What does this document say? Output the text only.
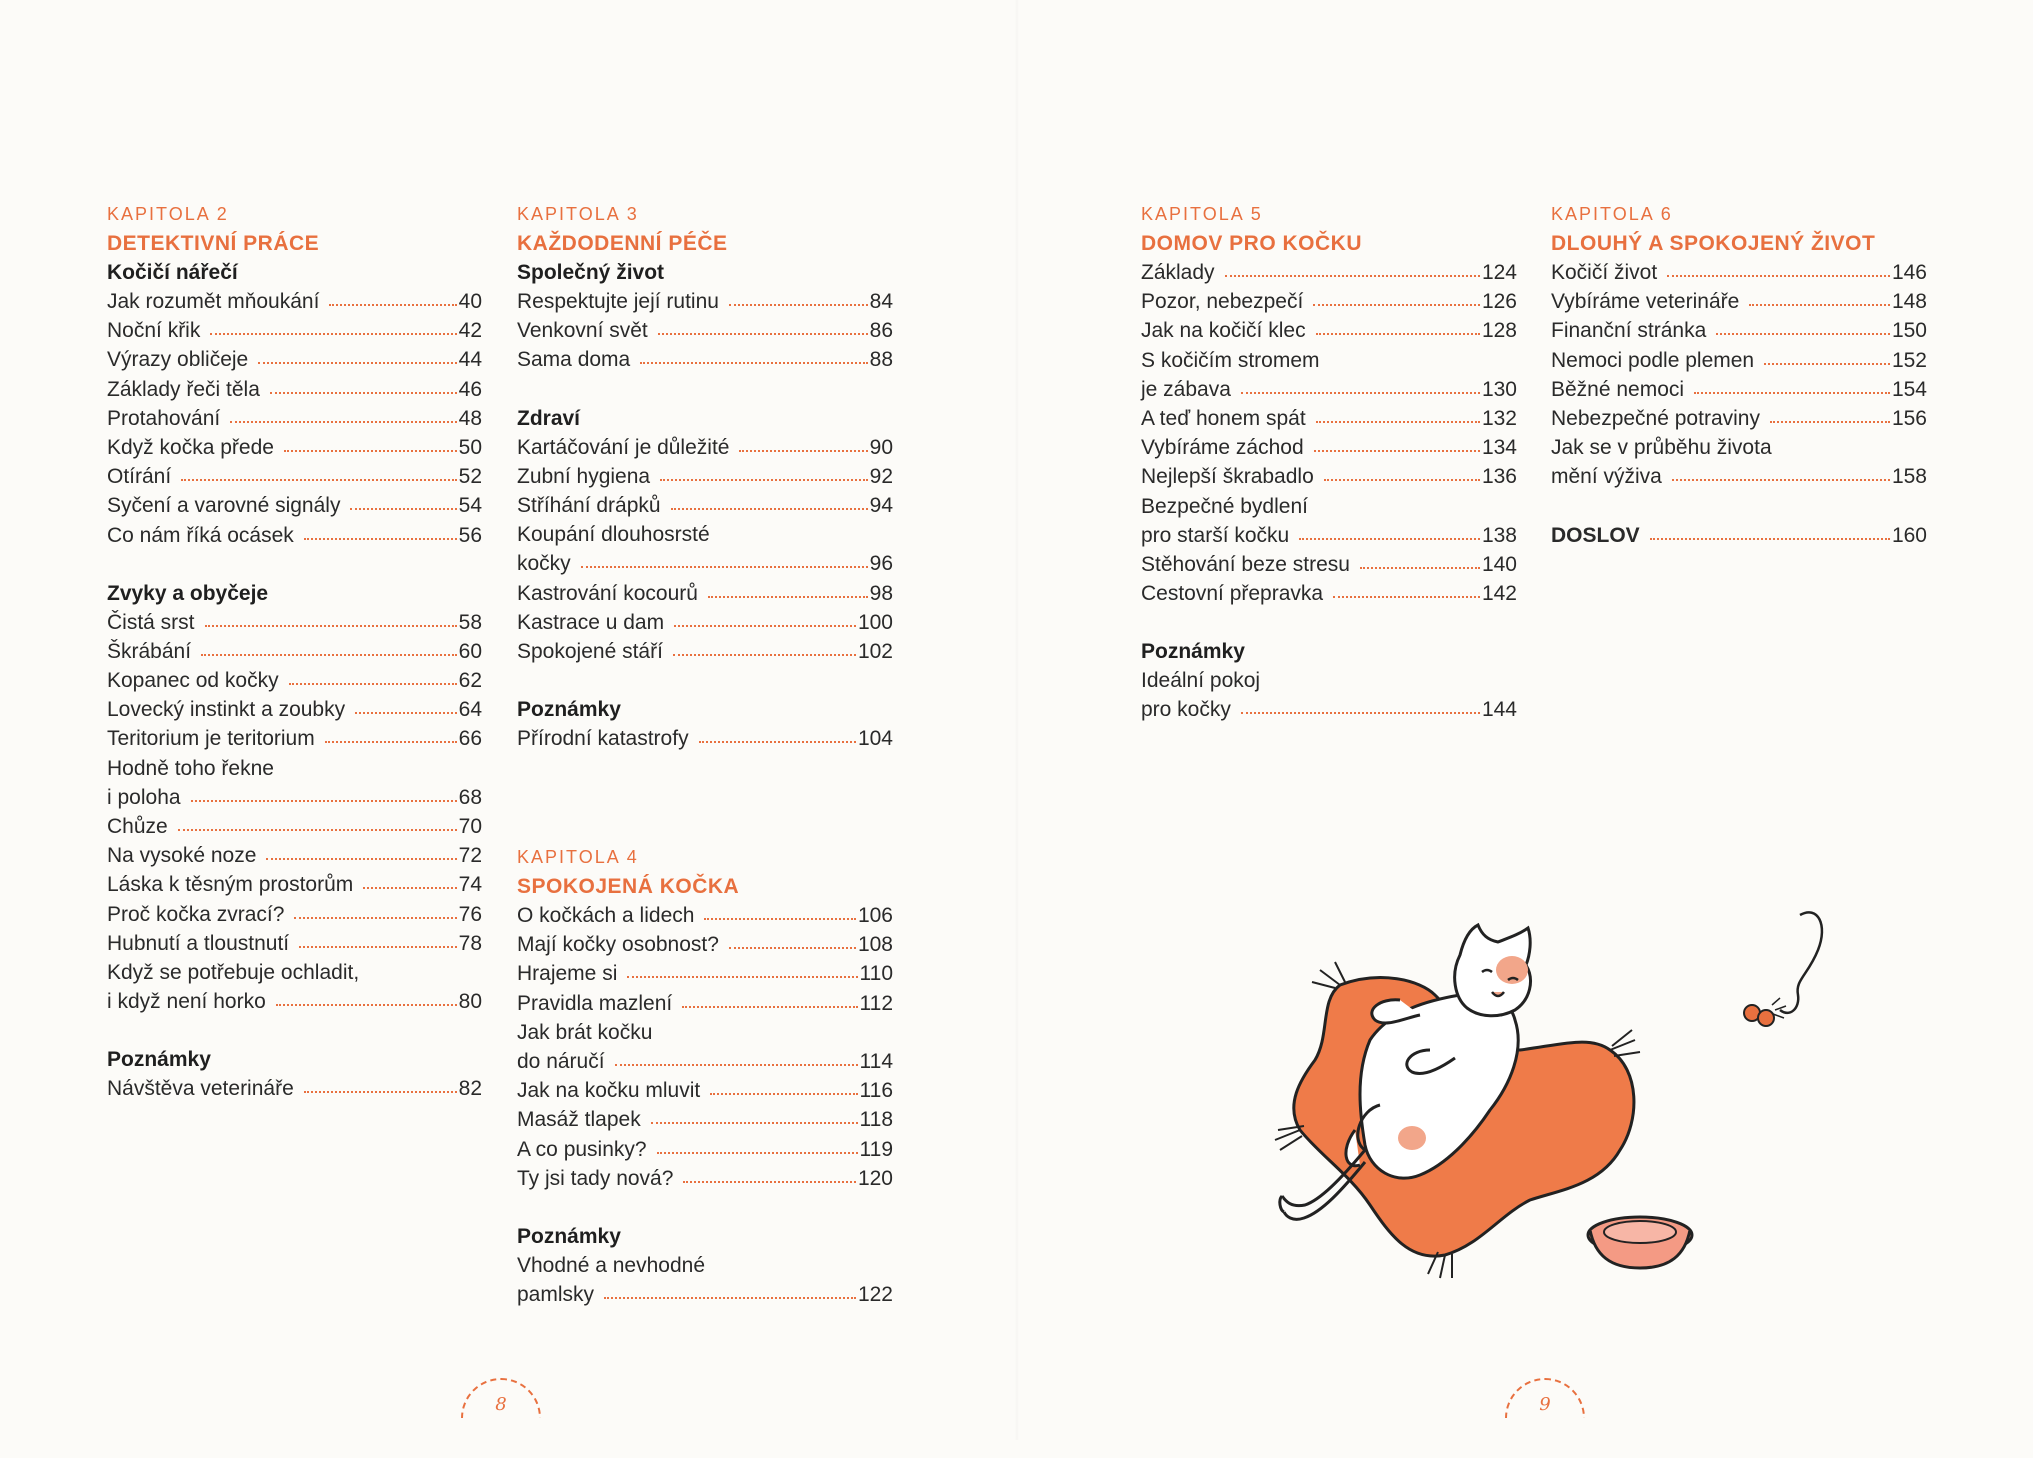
KAPITOLA 2
DETEKTIVNÍ PRÁCE
Kočičí nářečí
Jak rozumět mňoukání	40
Noční křik	42
Výrazy obličeje	44
Základy řeči těla	46
Protahování	48
Když kočka přede	50
Otírání	52
Syčení a varovné signály	54
Co nám říká ocásek	56
Zvyky a obyčeje
Čistá srst	58
Škrábání	60
Kopanec od kočky	62
Lovecký instinkt a zoubky	64
Teritorium je teritorium	66
Hodně toho řekne
i poloha	68
Chůze	70
Na vysoké noze	72
Láska k těsným prostorům	74
Proč kočka zvrací?	76
Hubnutí a tloustnutí	78
Když se potřebuje ochladit,
i když není horko	80
Poznámky
Návštěva veterináře	82
KAPITOLA 3
KAŽDODENNÍ PÉČE
Společný život
Respektujte její rutinu	84
Venkovní svět	86
Sama doma	88
Zdraví
Kartáčování je důležité	90
Zubní hygiena	92
Stříhání drápků	94
Koupání dlouhosrsté
kočky	96
Kastrování kocourů	98
Kastrace u dam	100
Spokojené stáří	102
Poznámky
Přírodní katastrofy	104
KAPITOLA 4
SPOKOJENÁ KOČKA
O kočkách a lidech	106
Mají kočky osobnost?	108
Hrajeme si	110
Pravidla mazlení	112
Jak brát kočku
do náručí	114
Jak na kočku mluvit	116
Masáž tlapek	118
A co pusinky?	119
Ty jsi tady nová?	120
Poznámky
Vhodné a nevhodné
pamlsky	122
KAPITOLA 5
DOMOV PRO KOČKU
Základy	124
Pozor, nebezpečí	126
Jak na kočičí klec	128
S kočičím stromem
je zábava	130
A teď honem spát	132
Vybíráme záchod	134
Nejlepší škrabadlo	136
Bezpečné bydlení
pro starší kočku	138
Stěhování beze stresu	140
Cestovní přepravka	142
Poznámky
Ideální pokoj
pro kočky	144
KAPITOLA 6
DLOUHÝ A SPOKOJENÝ ŽIVOT
Kočičí život	146
Vybíráme veterináře	148
Finanční stránka	150
Nemoci podle plemen	152
Běžné nemoci	154
Nebezpečné potraviny	156
Jak se v průběhu života
mění výživa	158
DOSLOV	160
8	9
